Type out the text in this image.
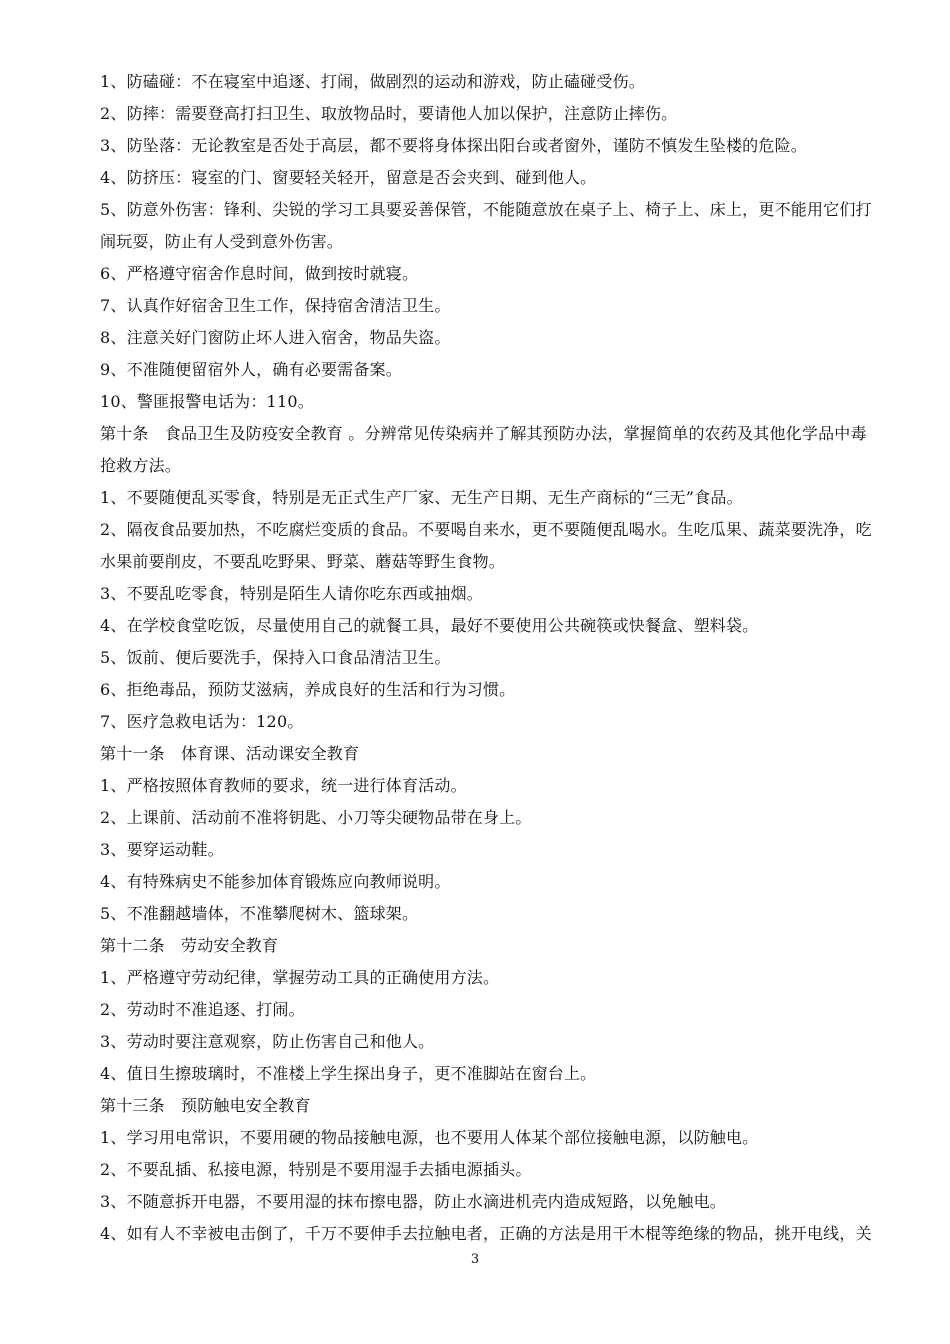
1、防磕碰：不在寝室中追逐、打闹，做剧烈的运动和游戏，防止磕碰受伤。
2、防摔：需要登高打扫卫生、取放物品时，要请他人加以保护，注意防止摔伤。
3、防坠落：无论教室是否处于高层，都不要将身体探出阳台或者窗外，谨防不慎发生坠楼的危险。
4、防挤压：寝室的门、窗要轻关轻开，留意是否会夹到、碰到他人。
5、防意外伤害：锋利、尖锐的学习工具要妥善保管，不能随意放在桌子上、椅子上、床上，更不能用它们打
闹玩耍，防止有人受到意外伤害。
6、严格遵守宿舍作息时间，做到按时就寝。
7、认真作好宿舍卫生工作，保持宿舍清洁卫生。
8、注意关好门窗防止坏人进入宿舍，物品失盗。
9、不准随便留宿外人，确有必要需备案。
10、警匪报警电话为：110。
第十条　食品卫生及防疫安全教育 。分辨常见传染病并了解其预防办法，掌握简单的农药及其他化学品中毒
抢救方法。
1、不要随便乱买零食，特别是无正式生产厂家、无生产日期、无生产商标的“三无”食品。
2、隔夜食品要加热，不吃腐烂变质的食品。不要喝自来水，更不要随便乱喝水。生吃瓜果、蔬菜要洗净，吃
水果前要削皮，不要乱吃野果、野菜、蘑菇等野生食物。
3、不要乱吃零食，特别是陌生人请你吃东西或抽烟。
4、在学校食堂吃饭，尽量使用自己的就餐工具，最好不要使用公共碗筷或快餐盒、塑料袋。
5、饭前、便后要洗手，保持入口食品清洁卫生。
6、拒绝毒品，预防艾滋病，养成良好的生活和行为习惯。
7、医疗急救电话为：120。
第十一条　体育课、活动课安全教育
1、严格按照体育教师的要求，统一进行体育活动。
2、上课前、活动前不准将钥匙、小刀等尖硬物品带在身上。
3、要穿运动鞋。
4、有特殊病史不能参加体育锻炼应向教师说明。
5、不准翻越墙体，不准攀爬树木、篮球架。
第十二条　劳动安全教育
1、严格遵守劳动纪律，掌握劳动工具的正确使用方法。
2、劳动时不准追逐、打闹。
3、劳动时要注意观察，防止伤害自己和他人。
4、值日生擦玻璃时，不准楼上学生探出身子，更不准脚站在窗台上。
第十三条　预防触电安全教育
1、学习用电常识，不要用硬的物品接触电源，也不要用人体某个部位接触电源，以防触电。
2、不要乱插、私接电源，特别是不要用湿手去插电源插头。
3、不随意拆开电器，不要用湿的抹布擦电器，防止水滴进机壳内造成短路，以免触电。
4、如有人不幸被电击倒了，千万不要伸手去拉触电者，正确的方法是用干木棍等绝缘的物品，挑开电线，关
3
